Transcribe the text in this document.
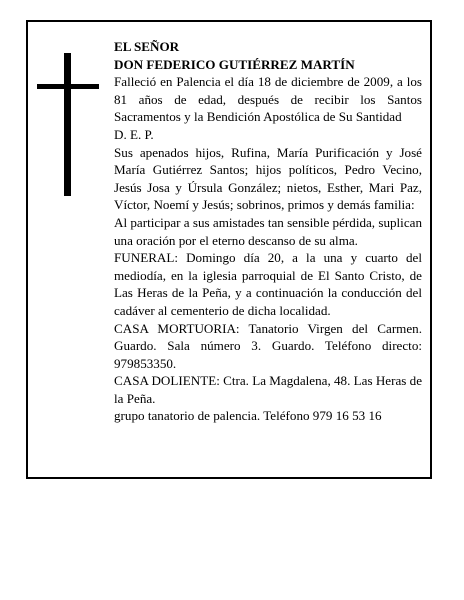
EL SEÑOR

DON FEDERICO GUTIÉRREZ MARTÍN

Falleció en Palencia el día 18 de diciembre de 2009, a los 81 años de edad, después de recibir los Santos Sacramentos y la Bendición Apostólica de Su Santidad

D. E. P.

Sus apenados hijos, Rufina, María Purificación y José María Gutiérrez Santos; hijos políticos, Pedro Vecino, Jesús Josa y Úrsula González; nietos, Esther, Mari Paz, Víctor, Noemí y Jesús; sobrinos, primos y demás familia:

Al participar a sus amistades tan sensible pérdida, suplican una oración por el eterno descanso de su alma.

FUNERAL: Domingo día 20, a la una y cuarto del mediodía, en la iglesia parroquial de El Santo Cristo, de Las Heras de la Peña, y a continuación la conducción del cadáver al cementerio de dicha localidad.

CASA MORTUORIA: Tanatorio Virgen del Carmen. Guardo. Sala número 3. Guardo. Teléfono directo: 979853350.

CASA DOLIENTE: Ctra. La Magdalena, 48. Las Heras de la Peña.

grupo tanatorio de palencia. Teléfono 979 16 53 16
